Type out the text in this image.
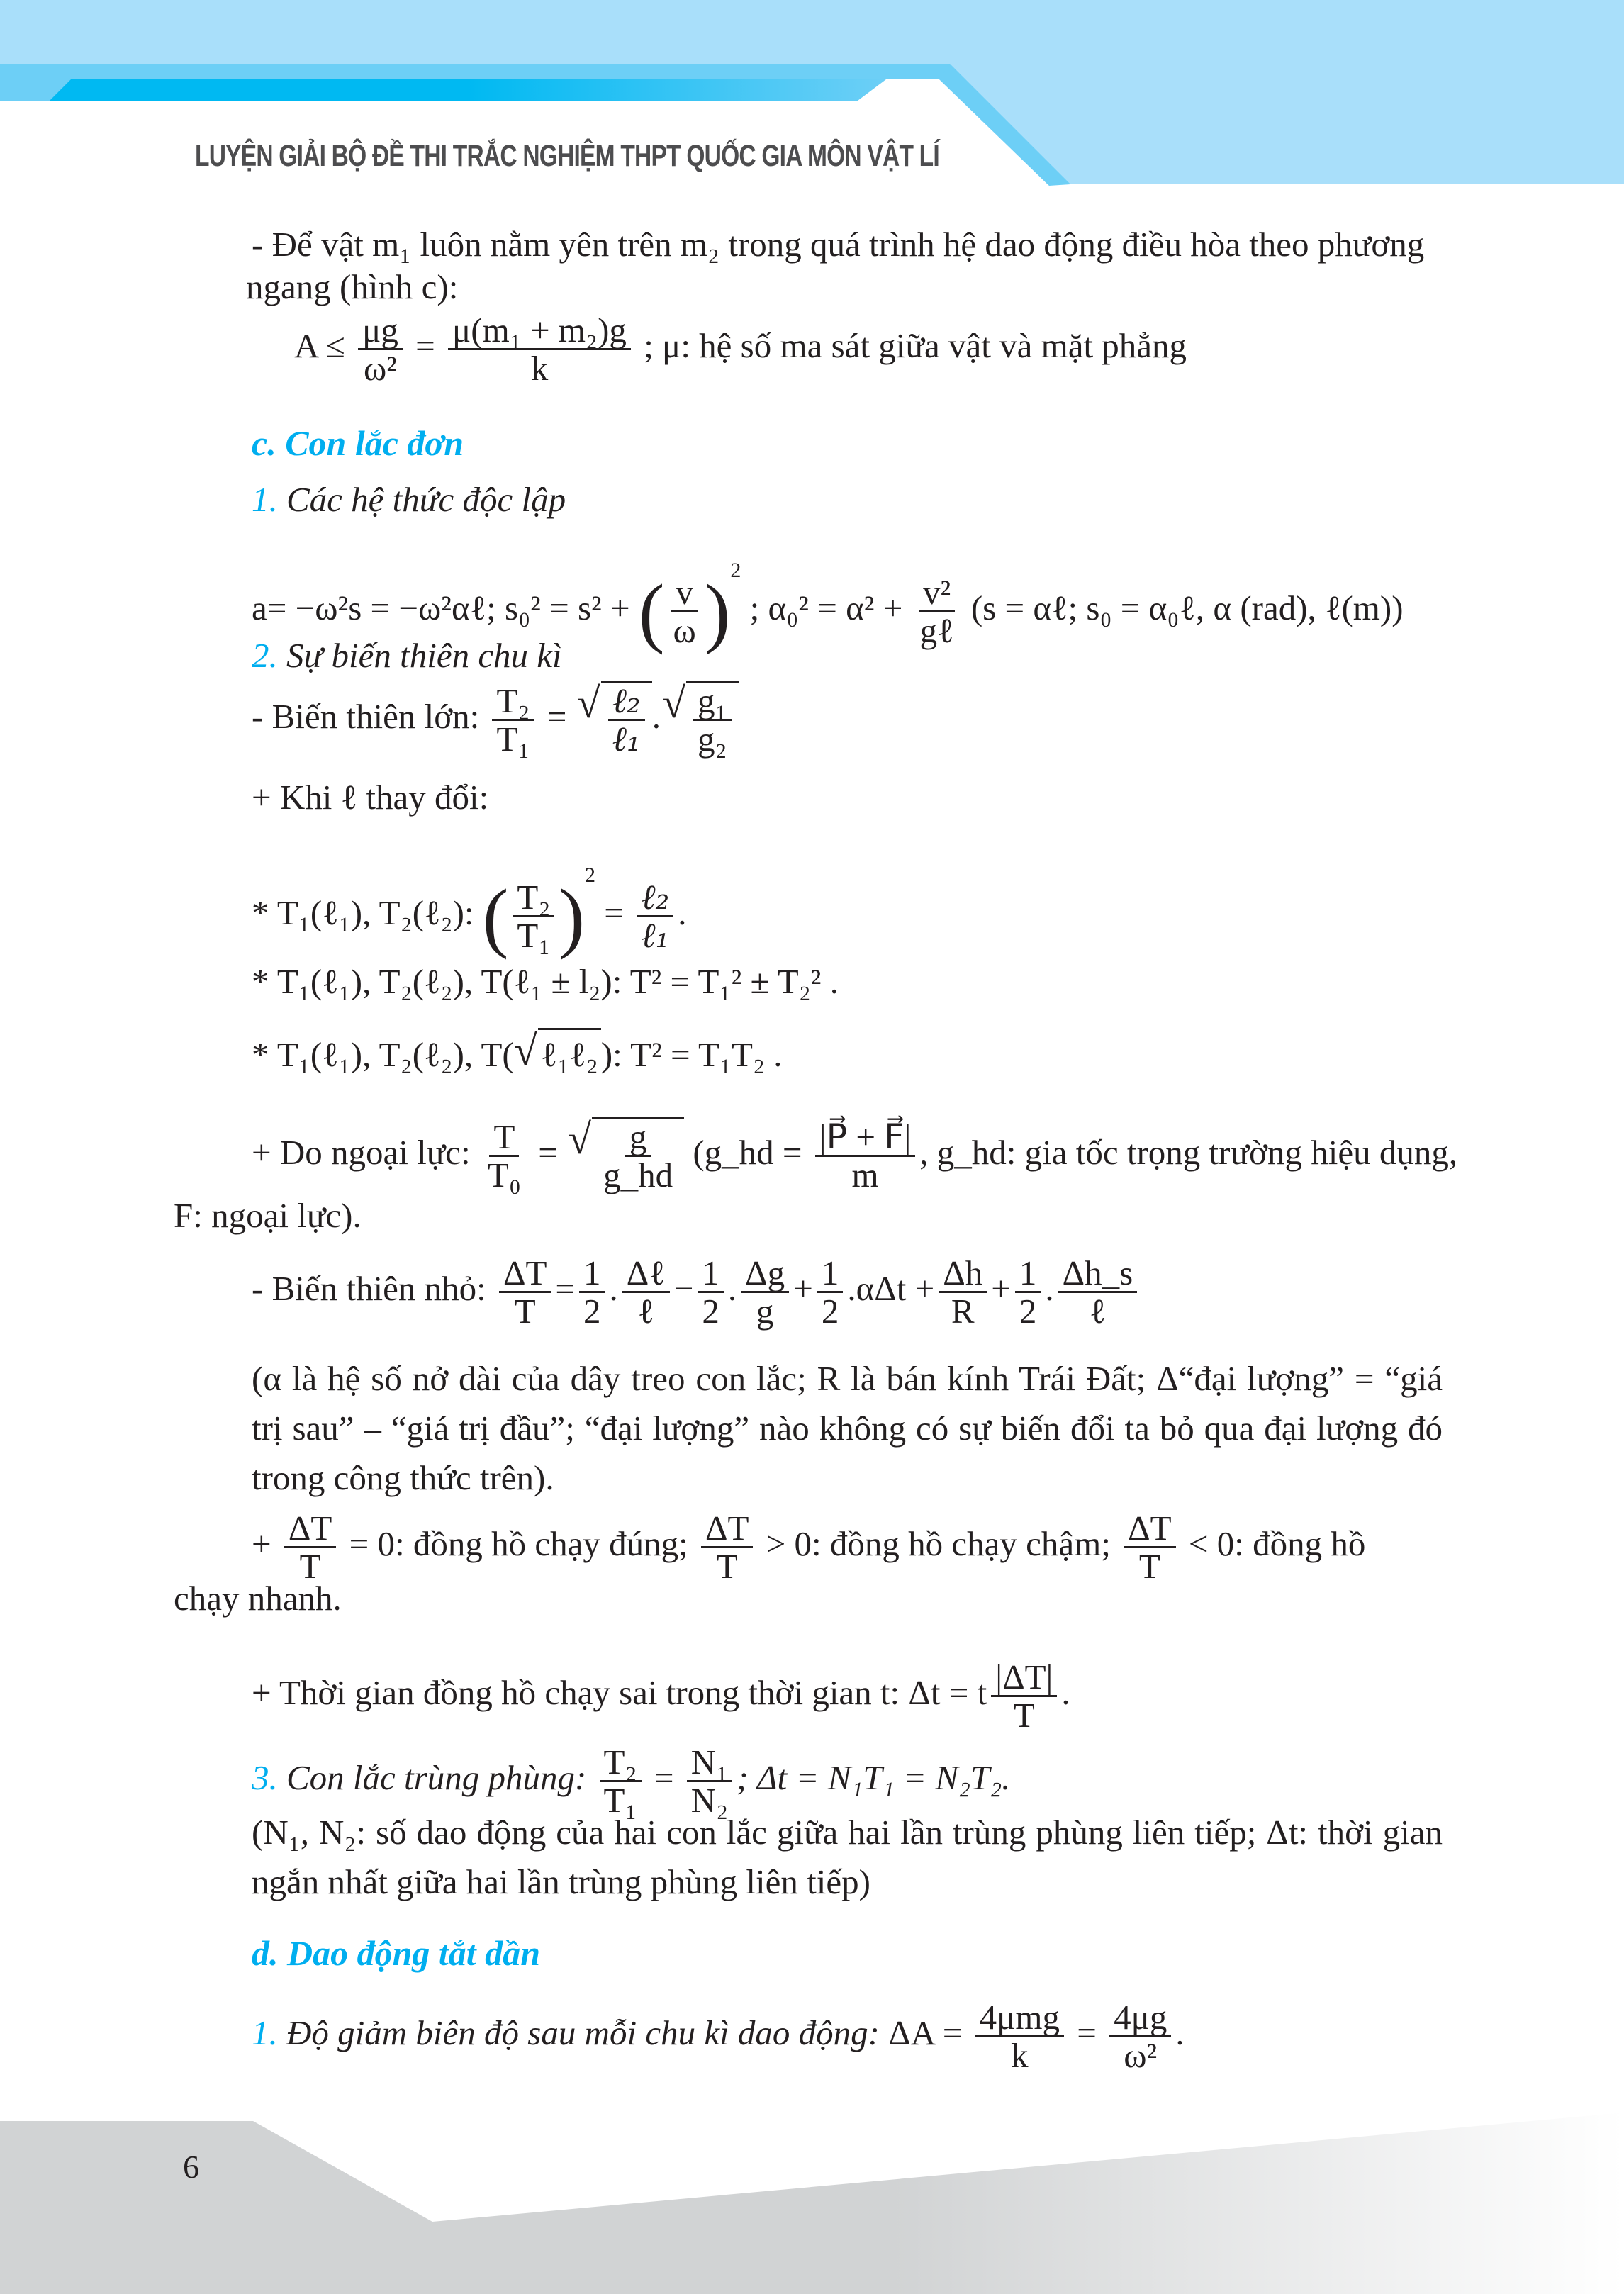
LUYỆN GIẢI BỘ ĐỀ THI TRẮC NGHIỆM THPT QUỐC GIA MÔN VẬT LÍ
- Để vật m₁ luôn nằm yên trên m₂ trong quá trình hệ dao động điều hòa theo phương
ngang (hình c):
$A \le \frac{\mu g}{\text{ω²}} = \frac{\text{μ(m₁ + m₂)g}}{k}$ ; μ: hệ số ma sát giữa vật và mặt phẳng
c. Con lắc đơn
1. Các hệ thức độc lập
a= −ω²s = −ω²αℓ; s₀² = s² + ( $\frac{v}{\omega} )^2$ ; $\alpha_0^2 = \alpha^2 + \frac{\text{v²}}{\text{gℓ}} (s$ = αℓ; s₀ = α₀ℓ, α (rad), ℓ(m))
2. Sự biến thiên chu kì
- Biến thiên lớn: $\frac{\text{T₂}}{\text{T₁}}$ = √ $\frac{\text{ℓ₂}}{\text{ℓ₁}}$ . √ $\frac{\text{g₁}}{\text{g₂}}$
+ Khi ℓ thay đổi:
* T₁(ℓ₁), T₂(ℓ₂): ( $\frac{\text{T₂}}{\text{T₁}} )^2 = \frac{\text{ℓ₂}}{\text{ℓ₁}}$ .
* T₁(ℓ₁), T₂(ℓ₂), T(ℓ₁ ± l₂): T² = T₁² ± T₂² .
* T₁(ℓ₁), T₂(ℓ₂), T( √ ℓ₁ℓ₂): T² = T₁T₂ .
+ Do ngoại lực: $\frac{T}{\text{T₀}}$ = √ $\frac{g}{g\_hd}$ (g_hd = $\frac{|P⃗ + F⃗|}{m}$ , g_hd: gia tốc trọng trường hiệu dụng,
F: ngoại lực).
- Biến thiên nhỏ: $\frac{\Delta T}{T} = \frac{1}{2}$ . $\frac{\text{Δℓ}}{\text{ℓ}} - \frac{1}{2}$ . $\frac{\Delta g}{g} + \frac{1}{2} .\alpha\Delta t + \frac{\Delta h}{R} + \frac{1}{2}$ . $\frac{\Delta h\_s}{\text{ℓ}}$
(α là hệ số nở dài của dây treo con lắc; R là bán kính Trái Đất; Δ“đại lượng” = “giá trị sau” – “giá trị đầu”; “đại lượng” nào không có sự biến đổi ta bỏ qua đại lượng đó trong công thức trên).
+ $\frac{\Delta T}{T} = 0$: đồng hồ chạy đúng; $\frac{\Delta T}{T} > 0$: đồng hồ chạy chậm; $\frac{\Delta T}{T} < 0$: đồng hồ
chạy nhanh.
+ Thời gian đồng hồ chạy sai trong thời gian t: Δt = t $\frac{|\Delta T|}{T}$ .
3. Con lắc trùng phùng: $\frac{\text{T₂}}{\text{T₁}} = \frac{\text{N₁}}{\text{N₂}}$ ; Δt = N₁T₁ = N₂T₂.
(N₁, N₂: số dao động của hai con lắc giữa hai lần trùng phùng liên tiếp; Δt: thời gian ngắn nhất giữa hai lần trùng phùng liên tiếp)
d. Dao động tắt dần
1. Độ giảm biên độ sau mỗi chu kì dao động: $\Delta A = \frac{\text{4μmg}}{k} = \frac{4\mu g}{\text{ω²}}$ .
6
